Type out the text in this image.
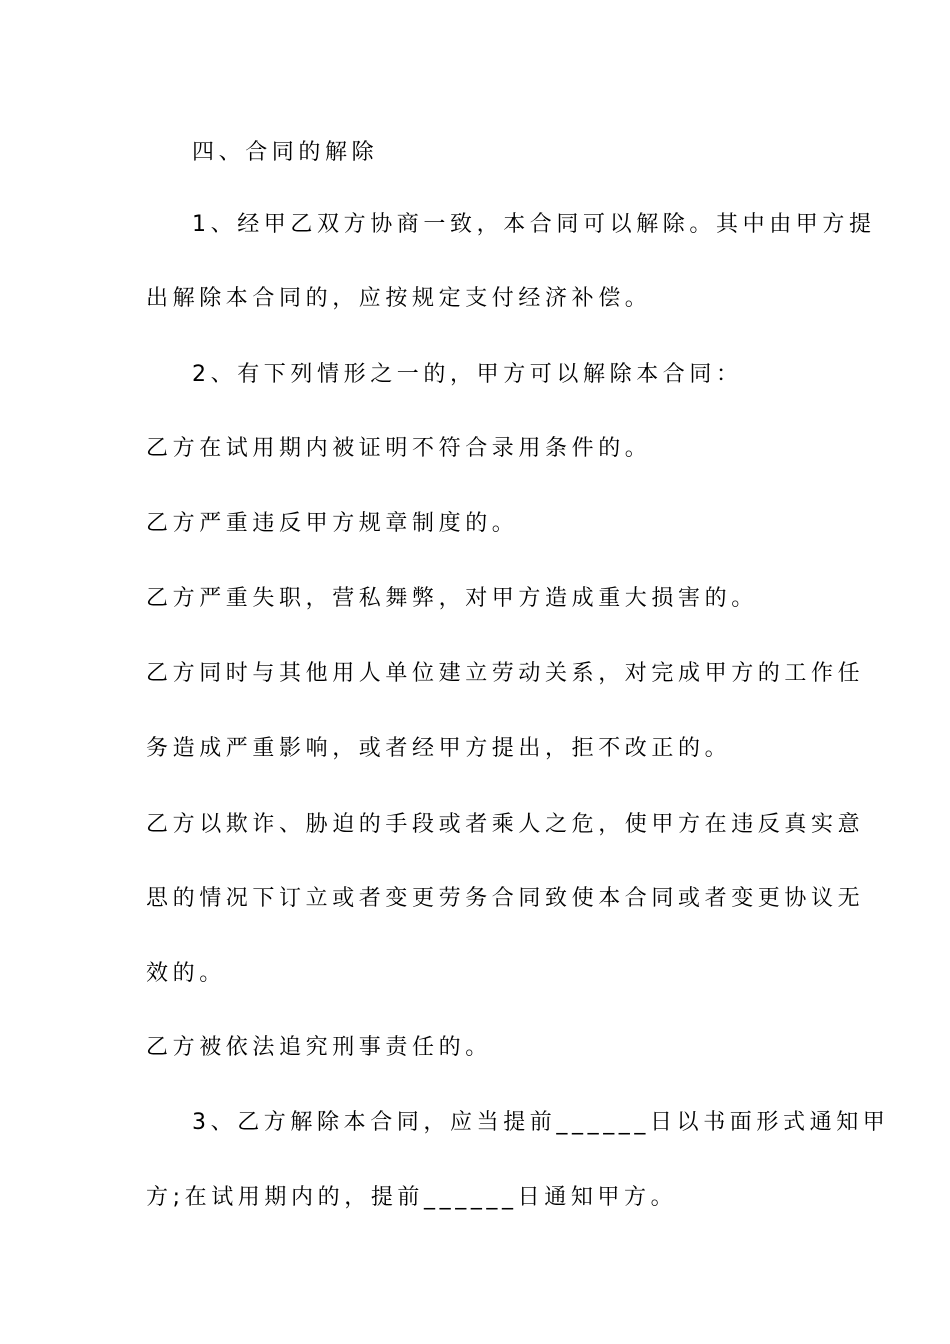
四、合同的解除
1、经甲乙双方协商一致，本合同可以解除。其中由甲方提
出解除本合同的，应按规定支付经济补偿。
2、有下列情形之一的，甲方可以解除本合同：
乙方在试用期内被证明不符合录用条件的。
乙方严重违反甲方规章制度的。
乙方严重失职，营私舞弊，对甲方造成重大损害的。
乙方同时与其他用人单位建立劳动关系，对完成甲方的工作任
务造成严重影响，或者经甲方提出，拒不改正的。
乙方以欺诈、胁迫的手段或者乘人之危，使甲方在违反真实意
思的情况下订立或者变更劳务合同致使本合同或者变更协议无
效的。
乙方被依法追究刑事责任的。
3、乙方解除本合同，应当提前______日以书面形式通知甲
方;在试用期内的，提前______日通知甲方。
